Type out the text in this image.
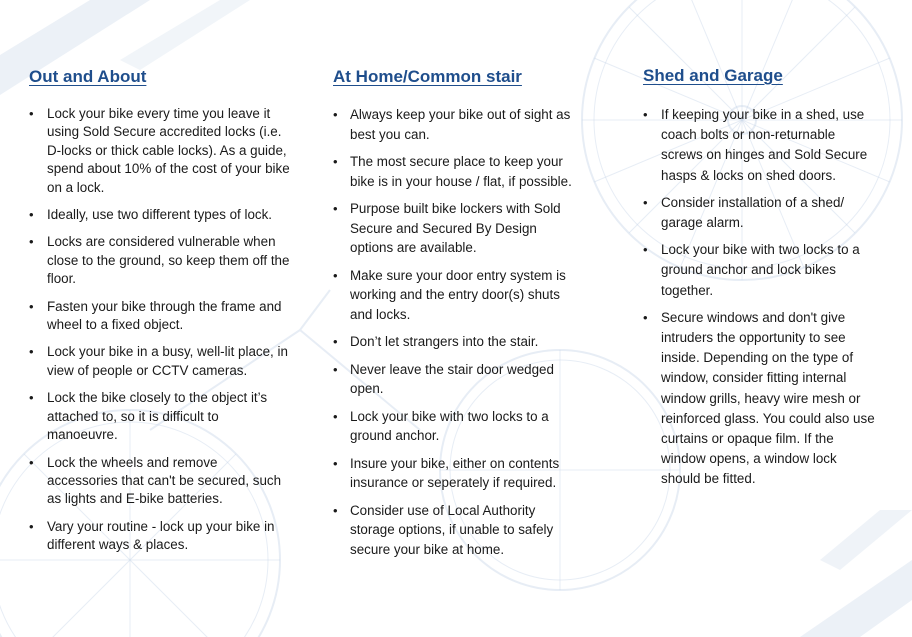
Out and About
• Lock your bike every time you leave it using Sold Secure accredited locks (i.e. D-locks or thick cable locks). As a guide, spend about 10% of the cost of your bike on a lock.
• Ideally, use two different types of lock.
• Locks are considered vulnerable when close to the ground, so keep them off the floor.
• Fasten your bike through the frame and wheel to a fixed object.
• Lock your bike in a busy, well-lit place, in view of people or CCTV cameras.
• Lock the bike closely to the object it’s attached to, so it is difficult to manoeuvre.
• Lock the wheels and remove accessories that can't be secured, such as lights and E-bike batteries.
• Vary your routine - lock up your bike in different ways & places.
At Home/Common stair
• Always keep your bike out of sight as best you can.
• The most secure place to keep your bike is in your house / flat, if possible.
• Purpose built bike lockers with Sold Secure and Secured By Design options are available.
• Make sure your door entry system is working and the entry door(s) shuts and locks.
• Don’t let strangers into the stair.
• Never leave the stair door wedged open.
• Lock your bike with two locks to a ground anchor.
• Insure your bike, either on contents insurance or seperately if required.
• Consider use of Local Authority storage options, if unable to safely secure your bike at home.
Shed and Garage
• If keeping your bike in a shed, use coach bolts or non-returnable screws on hinges and Sold Secure hasps & locks on shed doors.
• Consider installation of a shed/ garage alarm.
• Lock your bike with two locks to a ground anchor and lock bikes together.
• Secure windows and don't give intruders the opportunity to see inside. Depending on the type of window, consider fitting internal window grills, heavy wire mesh or reinforced glass. You could also use curtains or opaque film. If the window opens, a window lock should be fitted.
